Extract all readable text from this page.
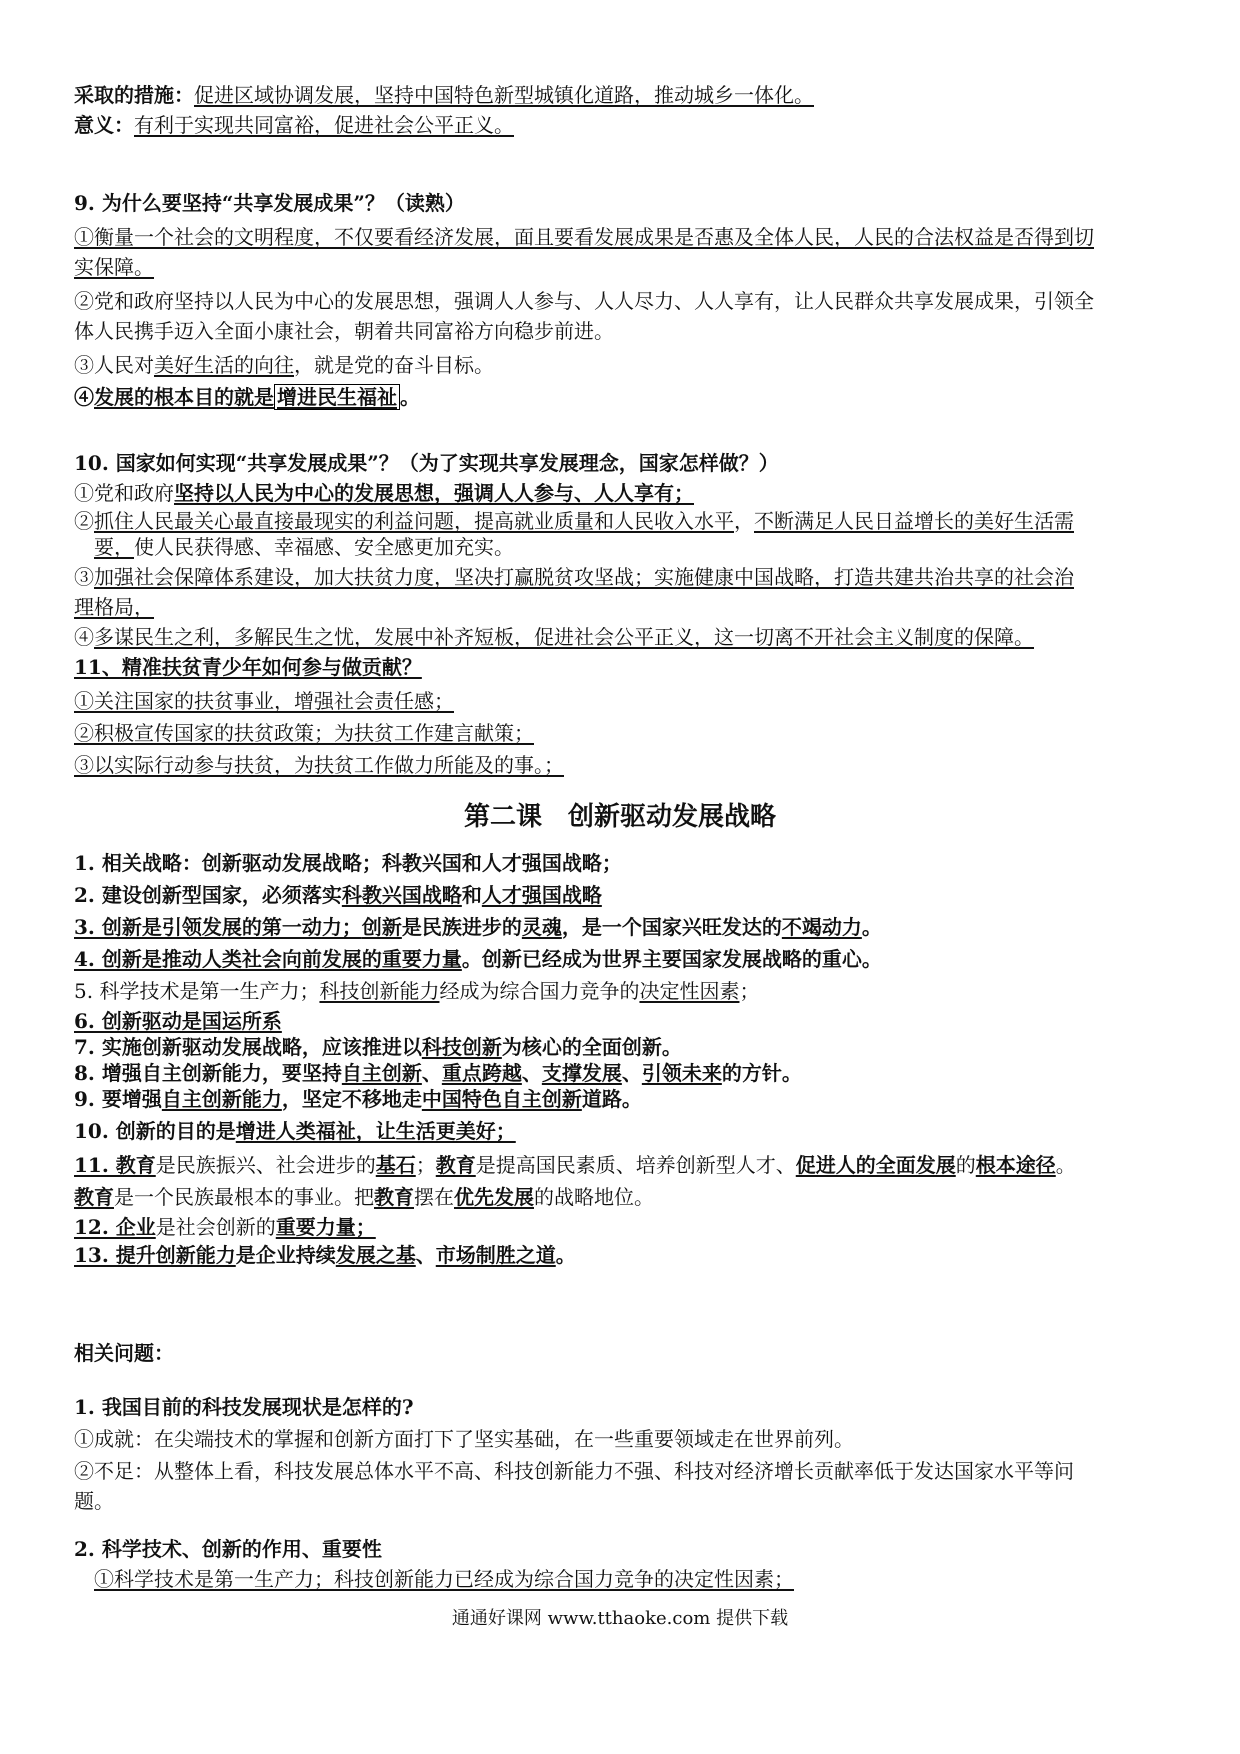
采取的措施：促进区域协调发展，坚持中国特色新型城镇化道路，推动城乡一体化。
意义：有利于实现共同富裕，促进社会公平正义。
9. 为什么要坚持“共享发展成果”？（读熟）
①衡量一个社会的文明程度，不仅要看经济发展，面且要看发展成果是否惠及全体人民，人民的合法权益是否得到切
实保障。
②党和政府坚持以人民为中心的发展思想，强调人人参与、人人尽力、人人享有，让人民群众共享发展成果，引领全
体人民携手迈入全面小康社会，朝着共同富裕方向稳步前进。
③人民对美好生活的向往，就是党的奋斗目标。
④发展的根本目的就是 增进民生福祉 。
10. 国家如何实现“共享发展成果”？（为了实现共享发展理念，国家怎样做？）
①党和政府坚持以人民为中心的发展思想，强调人人参与、人人享有；
②抓住人民最关心最直接最现实的利益问题，提高就业质量和人民收入水平，不断满足人民日益增长的美好生活需
要，使人民获得感、幸福感、安全感更加充实。
③加强社会保障体系建设，加大扶贫力度，坚决打赢脱贫攻坚战；实施健康中国战略，打造共建共治共享的社会治
理格局，
④多谋民生之利，多解民生之忧，发展中补齐短板，促进社会公平正义，这一切离不开社会主义制度的保障。
11、精准扶贫青少年如何参与做贡献？
①关注国家的扶贫事业，增强社会责任感；
②积极宣传国家的扶贫政策；为扶贫工作建言献策；
③以实际行动参与扶贫，为扶贫工作做力所能及的事。；
第二课　创新驱动发展战略
1. 相关战略：创新驱动发展战略；科教兴国和人才强国战略；
2. 建设创新型国家，必须落实科教兴国战略和人才强国战略
3. 创新是引领发展的第一动力；创新是民族进步的灵魂，是一个国家兴旺发达的不竭动力。
4. 创新是推动人类社会向前发展的重要力量。创新已经成为世界主要国家发展战略的重心。
5. 科学技术是第一生产力；科技创新能力经成为综合国力竞争的决定性因素；
6. 创新驱动是国运所系
7. 实施创新驱动发展战略，应该推进以科技创新为核心的全面创新。
8. 增强自主创新能力，要坚持自主创新、重点跨越、支撑发展、引领未来的方针。
9. 要增强自主创新能力，坚定不移地走中国特色自主创新道路。
10. 创新的目的是增进人类福祉，让生活更美好；
11. 教育是民族振兴、社会进步的基石；教育是提高国民素质、培养创新型人才、促进人的全面发展的根本途径。
教育是一个民族最根本的事业。把教育摆在优先发展的战略地位。
12. 企业是社会创新的重要力量；
13. 提升创新能力是企业持续发展之基、市场制胜之道。
相关问题：
1. 我国目前的科技发展现状是怎样的?
①成就：在尖端技术的掌握和创新方面打下了坚实基础，在一些重要领域走在世界前列。
②不足：从整体上看，科技发展总体水平不高、科技创新能力不强、科技对经济增长贡献率低于发达国家水平等问
题。
2. 科学技术、创新的作用、重要性
①科学技术是第一生产力；科技创新能力已经成为综合国力竞争的决定性因素；
通通好课网 www.tthaoke.com 提供下载
